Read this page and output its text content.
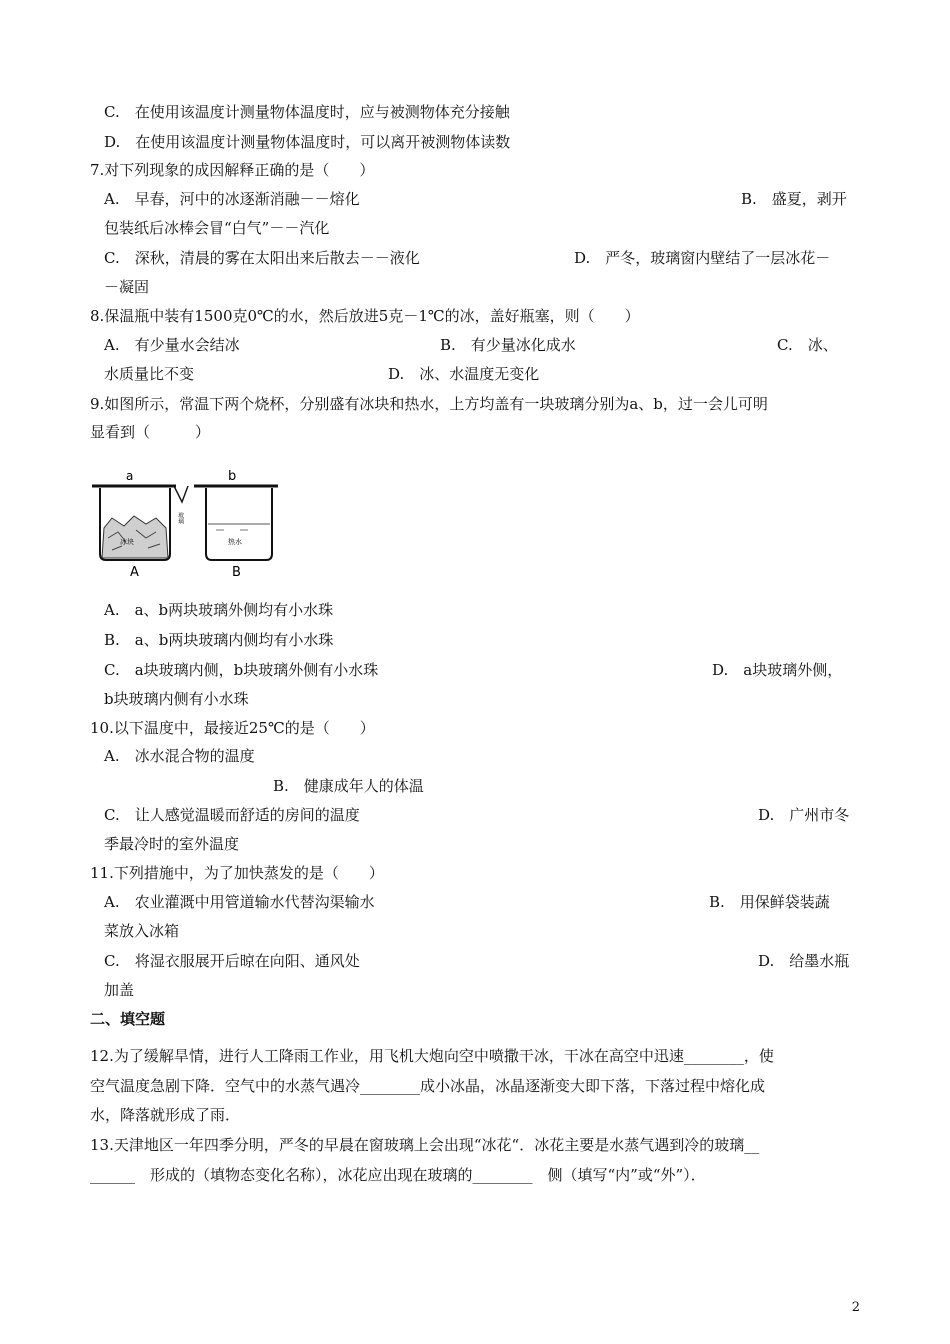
C.　在使用该温度计测量物体温度时，应与被测物体充分接触
D.　在使用该温度计测量物体温度时，可以离开被测物体读数
7.对下列现象的成因解释正确的是（　　）
A.　早春，河中的冰逐渐消融－－熔化	B.　盛夏，剥开
包装纸后冰棒会冒“白气”－－汽化
C.　深秋，清晨的雾在太阳出来后散去－－液化	D.　严冬，玻璃窗内壁结了一层冰花－
－凝固
8.保温瓶中装有1500克0℃的水，然后放进5克－1℃的冰，盖好瓶塞，则（　　）
A.　有少量水会结冰	B.　有少量冰化成水	C.　冰、
水质量比不变	D.　冰、水温度无变化
9.如图所示，常温下两个烧杯，分别盛有冰块和热水，上方均盖有一块玻璃分别为a、b，过一会儿可明
显看到（　　　）
a	b
玻璃
冰块
A
热水
B
A.　a、b两块玻璃外侧均有小水珠
B.　a、b两块玻璃内侧均有小水珠
C.　a块玻璃内侧，b块玻璃外侧有小水珠	D.　a块玻璃外侧，
b块玻璃内侧有小水珠
10.以下温度中，最接近25℃的是（　　）
A.　冰水混合物的温度
B.　健康成年人的体温
C.　让人感觉温暖而舒适的房间的温度	D.　广州市冬
季最冷时的室外温度
11.下列措施中，为了加快蒸发的是（　　）
A.　农业灌溉中用管道输水代替沟渠输水	B.　用保鲜袋装蔬
菜放入冰箱
C.　将湿衣服展开后晾在向阳、通风处	D.　给墨水瓶
加盖
二、填空题
12.为了缓解旱情，进行人工降雨工作业，用飞机大炮向空中喷撒干冰，干冰在高空中迅速________，使
空气温度急剧下降．空气中的水蒸气遇冷________成小冰晶，冰晶逐渐变大即下落，下落过程中熔化成
水，降落就形成了雨．
13.天津地区一年四季分明，严冬的早晨在窗玻璃上会出现“冰花“．冰花主要是水蒸气遇到冷的玻璃__
______　形成的（填物态变化名称），冰花应出现在玻璃的________　侧（填写“内”或“外”）．
2
